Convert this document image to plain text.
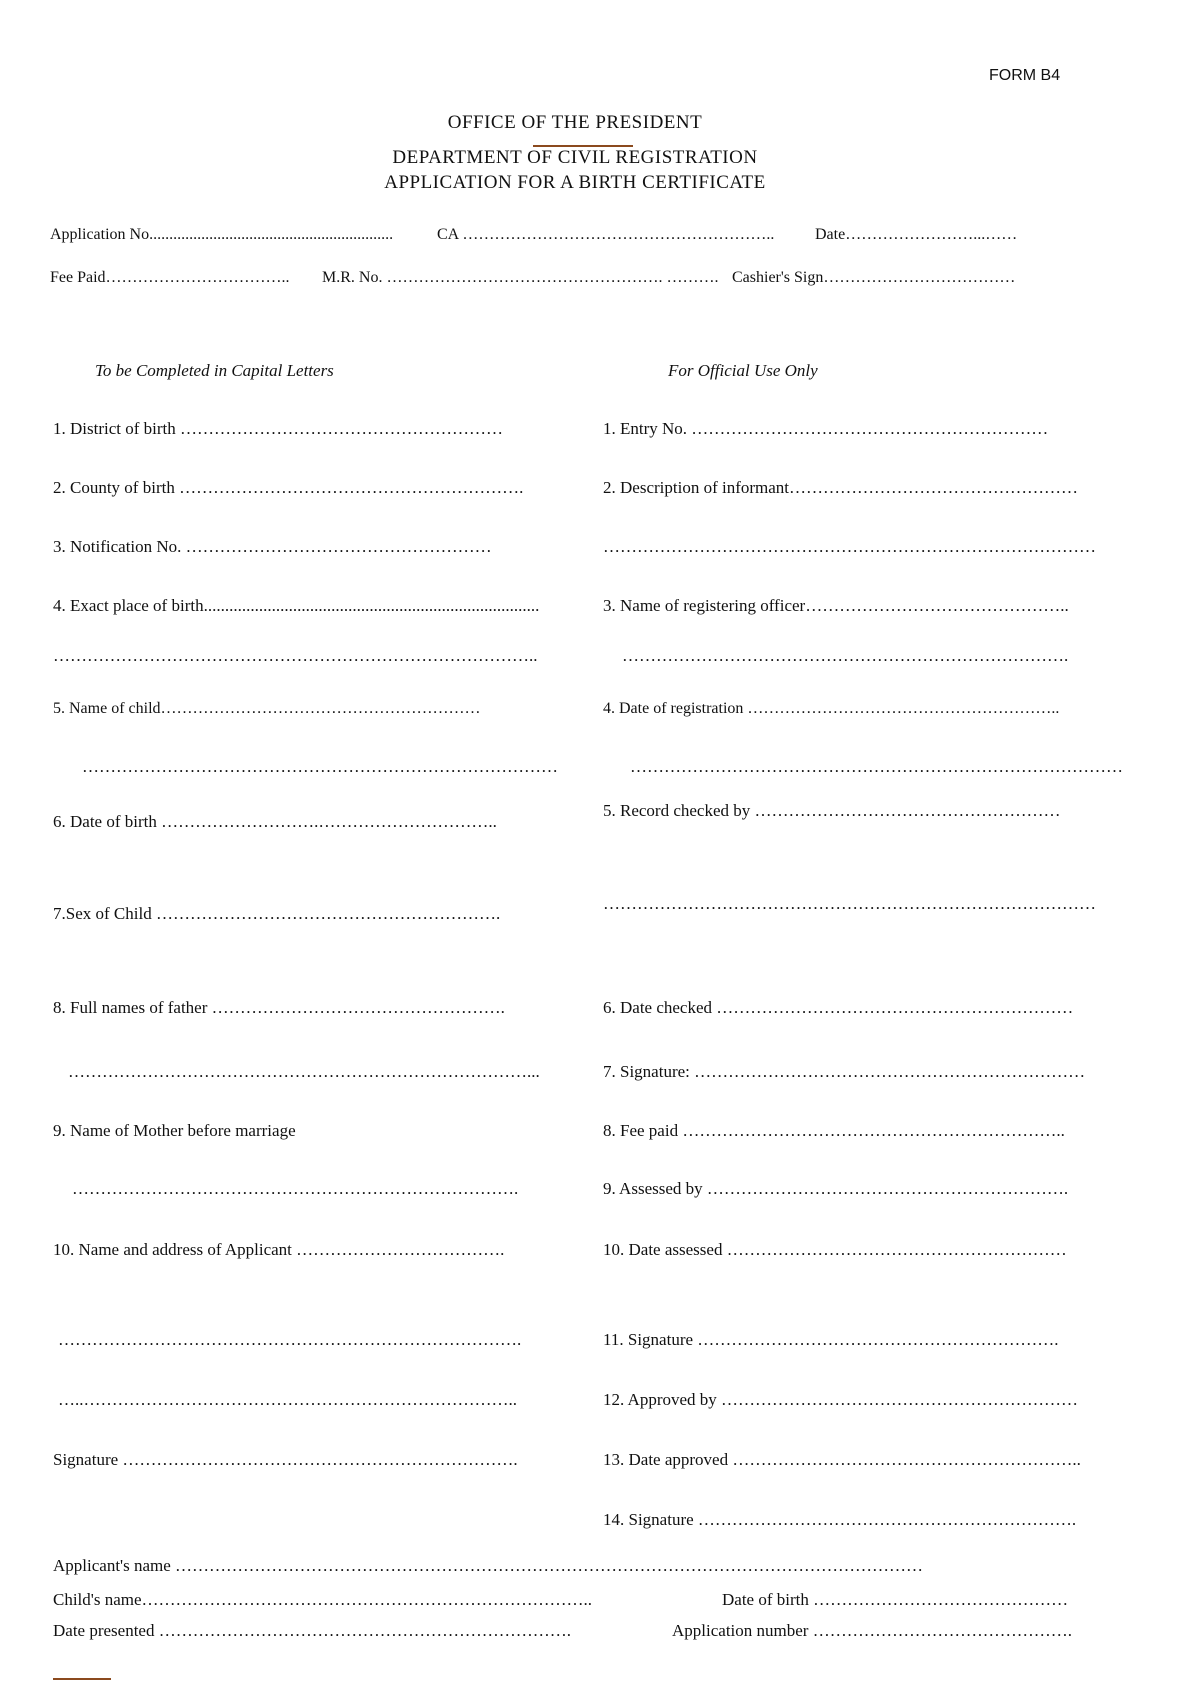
FORM B4
OFFICE OF THE PRESIDENT
DEPARTMENT OF CIVIL REGISTRATION
APPLICATION FOR A BIRTH CERTIFICATE
Application No.............................................................	CA …………………………………………………..	Date……………………...……
Fee Paid…………………………….. M.R. No. ……………………………………………. ………. Cashier's Sign………………………………
To be Completed in Capital Letters	For Official Use Only
1. District of birth …………………………………………………
2. County of birth …………………………………………………….
3. Notification No. ………………………………………………
4. Exact place of birth...............................................................................
…………………………………………………………………………..
5. Name of child……………………………………………………
…………………………………………………………………………
6. Date of birth ……………………….…………………………..
7.Sex of Child …………………………………………………….
8. Full names of father …………………………………………….
………………………………………………………………………...
9. Name of Mother before marriage
…………………………………………………………………….
10. Name and address of Applicant ……………………………….
……………………………………………………………………….
…..…………………………………………………………………..
Signature …………………………………………………………….
1. Entry No. ………………………………………………………
2. Description of informant……………………………………………
……………………………………………………………………………
3. Name of registering officer………………………………………..
…………………………………………………………………….
4. Date of registration …………………………………………………..
……………………………………………………………………………
5. Record checked by ………………………………………………
……………………………………………………………………………
6. Date checked ………………………………………………………
7. Signature: ……………………………………………………………
8. Fee paid …………………………………………………………..
9. Assessed by ……………………………………………………….
10. Date assessed ……………………………………………………
11. Signature ……………………………………………………….
12. Approved by ………………………………………………………
13. Date approved ……………………………………………………..
14. Signature ………………………………………………………….
Applicant's name ……………………………………………………………………………………………………………………
Child's name……………………………………………………………………..	Date of birth ………………………………………
Date presented ……………………………………………………………….	Application number ……………………………………….
